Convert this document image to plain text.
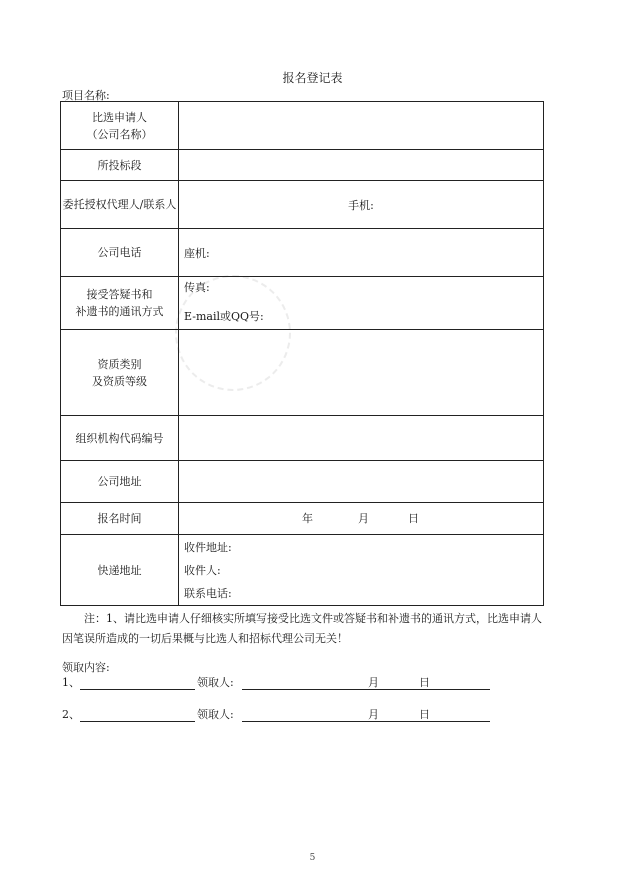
报名登记表
项目名称:
比选申请人
（公司名称）	
所投标段	
委托授权代理人/联系人	手机:
公司电话	座机:

接受答疑书和
补遗书的通讯方式	传真:
E-mail或QQ号:

资质类别
及资质等级	
组织机构代码编号	
公司地址	
报名时间	年 月 日

快递地址	收件地址:
收件人:
联系电话:
注：1、请比选申请人仔细核实所填写接受比选文件或答疑书和补遗书的通讯方式，比选申请人因笔误所造成的一切后果概与比选人和招标代理公司无关！
领取内容:
1、	领取人:	月	日
2、	领取人:	月	日
5
